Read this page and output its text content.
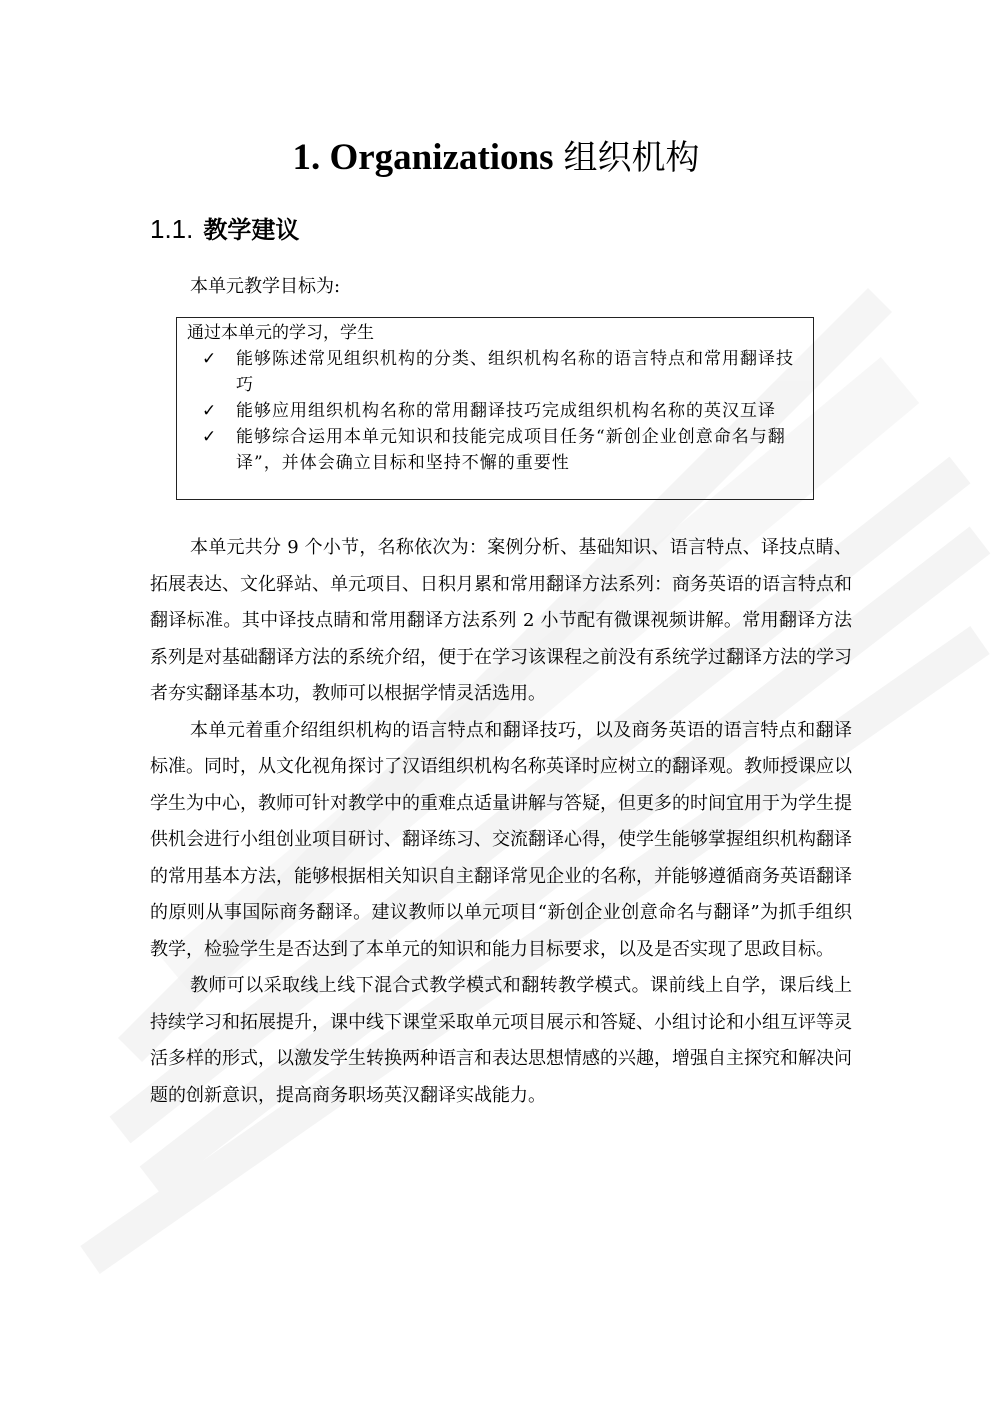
1. Organizations 组织机构
1.1. 教学建议

本单元教学目标为:

通过本单元的学习，学生

✓ 能够陈述常见组织机构的分类、组织机构名称的语言特点和常用翻译技巧
✓ 能够应用组织机构名称的常用翻译技巧完成组织机构名称的英汉互译
✓ 能够综合运用本单元知识和技能完成项目任务“新创企业创意命名与翻译”，并体会确立目标和坚持不懈的重要性

本单元共分 9 个小节，名称依次为：案例分析、基础知识、语言特点、译技点睛、拓展表达、文化驿站、单元项目、日积月累和常用翻译方法系列：商务英语的语言特点和翻译标准。其中译技点睛和常用翻译方法系列 2 小节配有微课视频讲解。常用翻译方法系列是对基础翻译方法的系统介绍，便于在学习该课程之前没有系统学过翻译方法的学习者夯实翻译基本功，教师可以根据学情灵活选用。

本单元着重介绍组织机构的语言特点和翻译技巧，以及商务英语的语言特点和翻译标准。同时，从文化视角探讨了汉语组织机构名称英译时应树立的翻译观。教师授课应以学生为中心，教师可针对教学中的重难点适量讲解与答疑，但更多的时间宜用于为学生提供机会进行小组创业项目研讨、翻译练习、交流翻译心得，使学生能够掌握组织机构翻译的常用基本方法，能够根据相关知识自主翻译常见企业的名称，并能够遵循商务英语翻译的原则从事国际商务翻译。建议教师以单元项目“新创企业创意命名与翻译”为抓手组织教学，检验学生是否达到了本单元的知识和能力目标要求，以及是否实现了思政目标。

教师可以采取线上线下混合式教学模式和翻转教学模式。课前线上自学，课后线上持续学习和拓展提升，课中线下课堂采取单元项目展示和答疑、小组讨论和小组互评等灵活多样的形式，以激发学生转换两种语言和表达思想情感的兴趣，增强自主探究和解决问题的创新意识，提高商务职场英汉翻译实战能力。
